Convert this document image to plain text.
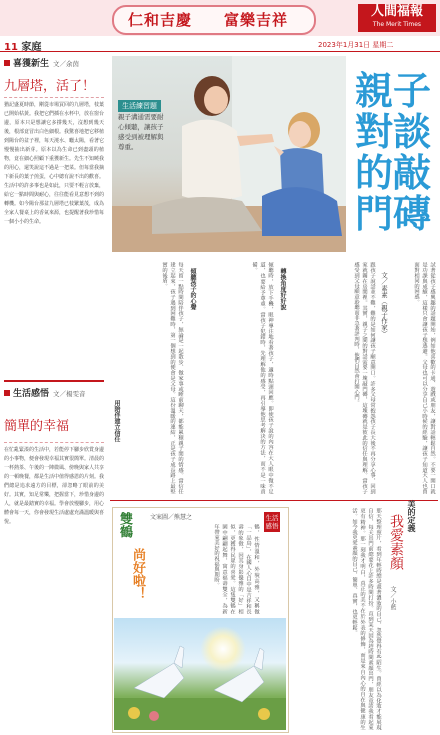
仁和吉慶 富樂吉祥	人間福報
The Merit Times
11 家庭	2023年1月31日 星期二
喜獲新生 文／余茵
九層塔，活了！
猶記盛夏時節，剛從市場買回的九層塔，枝葉已開始枯黃。我把它們插在水杯中，放在窗台邊，原本只是想讓它多撐幾天，沒想到幾天後，根部竟冒出白色細根。我驚喜地把它移植到陽台的盆子裡，每天澆水、曬太陽，看著它慢慢抽出新芽。原本以為生命已到盡頭的植物，竟在細心照顧下重獲新生。先生不知曉我的用心，還笑說這不過是一把菜。但每當我摘下新長的葉子煎蛋，心中總有說不出的歡喜。生活中的許多事也是如此，只要不輕言放棄，給它一點時間與耐心，往往能看見意想不到的轉機。如今陽台那盆九層塔已枝繁葉茂，成為全家人餐桌上的香氣來源，也提醒著我珍惜每一個小小的生命。
生活感悟 文／楊雯音
簡單的幸福
在忙亂緊湊的生活中，若能停下腳步欣賞身邊的小事物，便會發現幸福其實很簡單。清晨的一杯熱茶、午後的一陣微風、傍晚與家人共享的一頓晚餐，都是生活中值得感恩的片刻。我們總是追求遠方的目標，卻忽略了眼前的美好。其實，知足常樂，把握當下，珍惜身邊的人，就是最踏實的幸福。學會放慢腳步，用心體會每一天，你會發現生活處處充滿溫暖與喜悅。
生活練習題
親子溝通需要耐心傾聽，讓孩子感受到被理解與尊重。
親子對談的敲門磚
文／素素（親子作家）
跟孩子說話並不難，難的是如何讓孩子願意開口。許多父母常抱怨孩子長大後不再分享心事，回到家就關在房間裡。其實，親子之間的對話需要一塊敲門磚，這塊磚就是彼此的信任與理解。當孩子感受到父母願意聆聽而非急著評判時，他們自然會打開心門。	試著從孩子感興趣的話題開始，例如他喜歡的卡通、遊戲或朋友，讓對話輕鬆自然。不要一開口就是功課與成績，這樣只會讓孩子想逃避。父母也可以分享自己小時候的經驗，讓孩子知道大人也曾面對相同的困惑。
轉換角度好好說
傾聽時，放下手機，眼神專注地看著孩子，適時點頭回應。即使孩子說的內容在大人眼中微不足道，也要給予尊重。當孩子犯錯時，先理解他的感受，再引導他思考解決的方法，而不是一味責備。
傾聽孩子的心聲
每天留一點時間陪伴孩子，無論是一起散步、做家事或睡前聊天，都能累積親子間的情感。當信任建立起來，孩子遇到困難時，第一個想到的便會是父母。這份溫暖的連結，正是孩子成長路上最堅實的後盾。
用陪伴建立信任
雙鶴
尚好啦！
文案圖／熊慧之
鶴，性情溫和，外貌高雅，又稱做「一品鳥」，在國人心目中是吉祥和長壽的象徵，因其身影優雅的「好」相似，更獲得民眾的喜愛。這隻雙鶴在園中翩翩起舞，寓意福壽雙全，為新年帶來美好的祝福與期盼。
生活感悟	美的定義
我愛素顏
文／小藍
那天整理照片，看到年輕時總是畫著濃妝的自己，忽然覺得有些陌生。曾經以為化妝才能展現自信，每天出門前總要花上許多時間打扮。直到某天因為趕時間素顏出門，朋友竟誇我看起來更有精神。那一刻我才明白，真正的美不在於外表的修飾，而是來自內心的自在與健康的生活。如今我更愛素顏的自己，簡單、真實，也更輕鬆。
